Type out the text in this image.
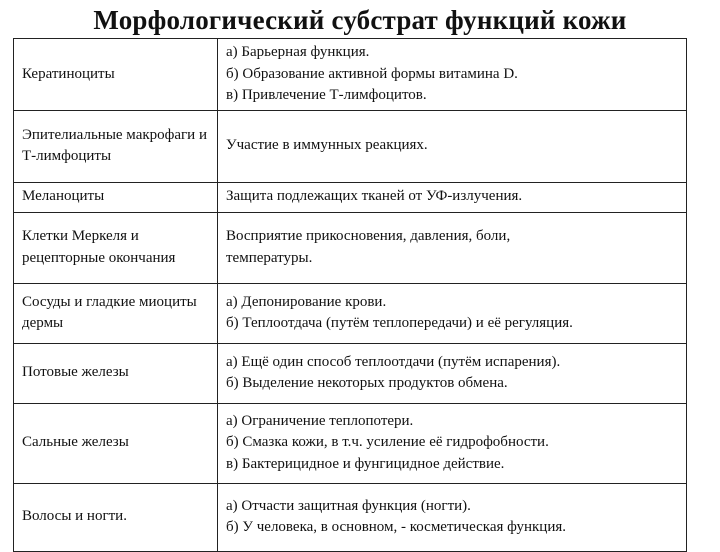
Морфологический субстрат функций кожи
Кератиноциты	а) Барьерная функция.
б) Образование активной формы витамина D.
в) Привлечение Т-лимфоцитов.

Эпителиальные макрофаги и Т-лимфоциты	Участие в иммунных реакциях.

Меланоциты	Защита подлежащих тканей от УФ-излучения.

Клетки Меркеля и рецепторные окончания	Восприятие прикосновения, давления, боли,
температуры.

Сосуды и гладкие миоциты дермы	а) Депонирование крови.
б) Теплоотдача (путём теплопередачи) и её регуляция.

Потовые железы	а) Ещё один способ теплоотдачи (путём испарения).
б) Выделение некоторых продуктов обмена.

Сальные железы	а) Ограничение теплопотери.
б) Смазка кожи, в т.ч. усиление её гидрофобности.
в) Бактерицидное и фунгицидное действие.

Волосы и ногти.	а) Отчасти защитная функция (ногти).
б) У человека, в основном, - косметическая функция.
